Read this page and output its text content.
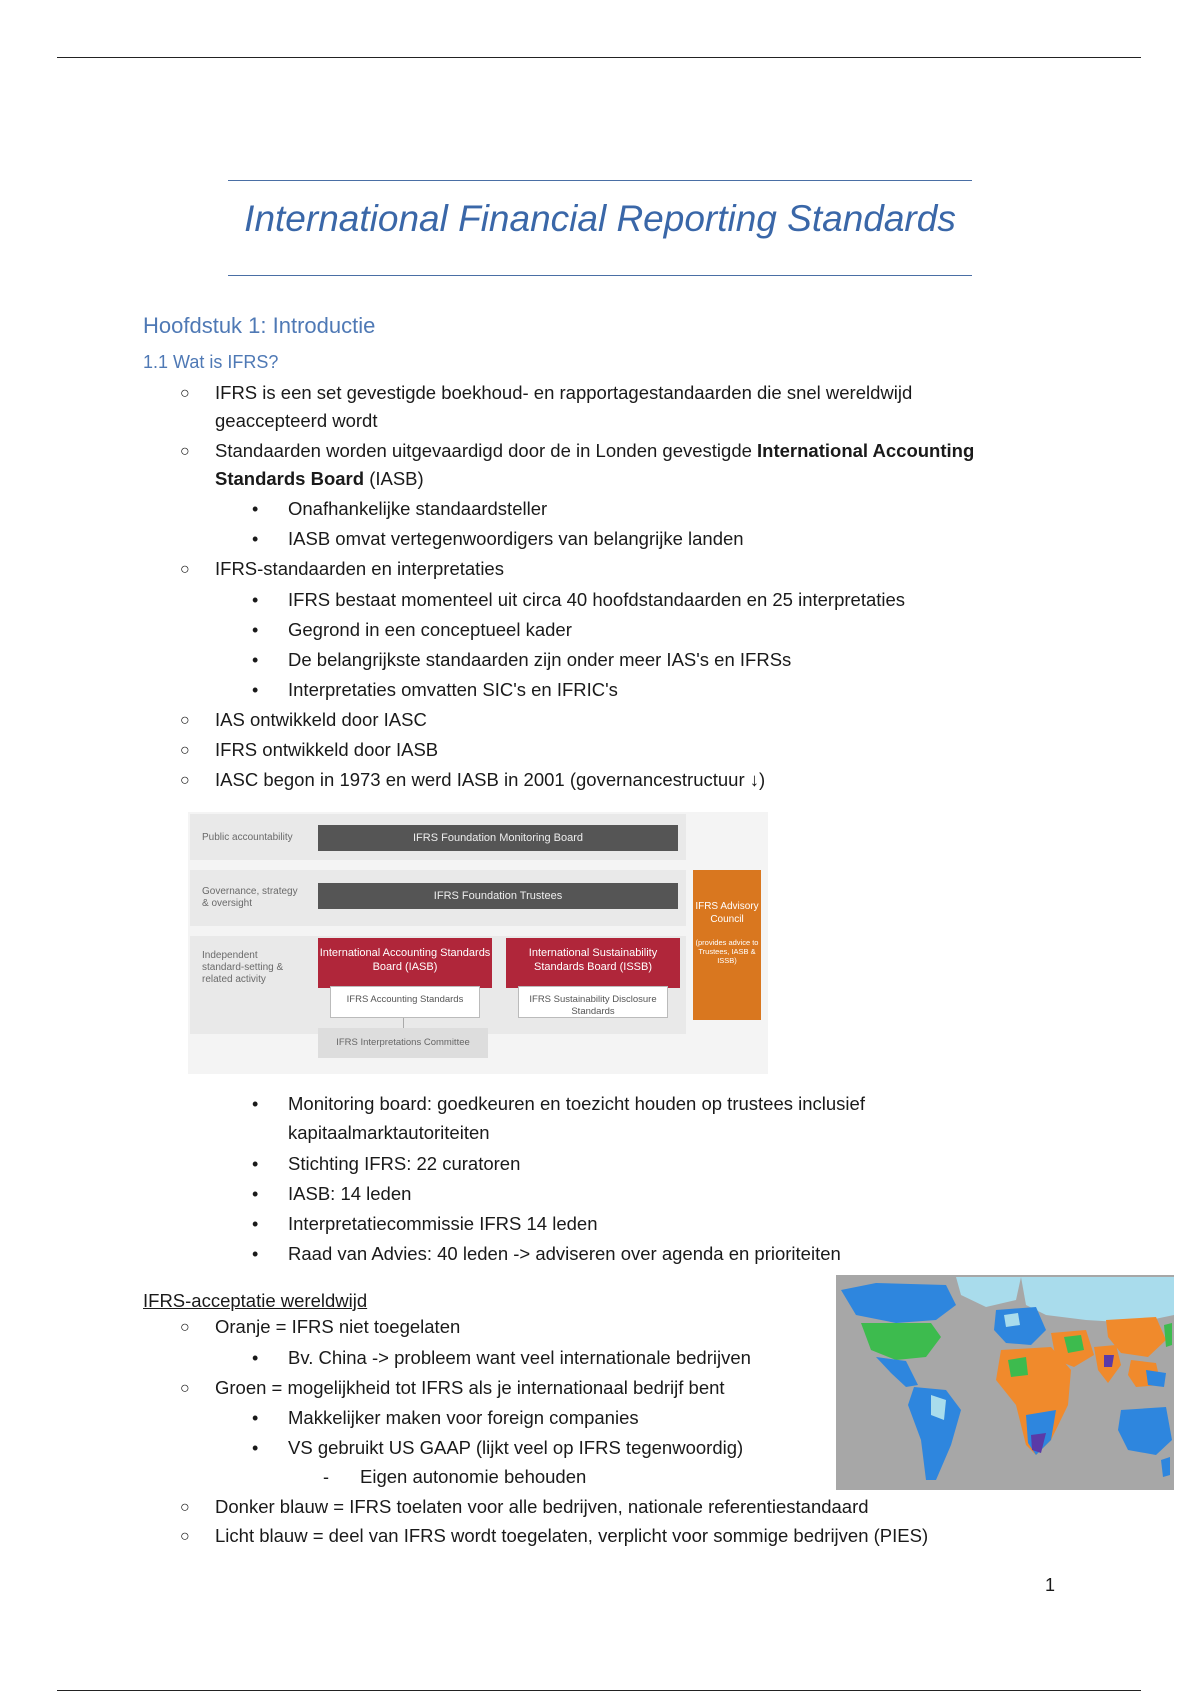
International Financial Reporting Standards
Hoofdstuk 1: Introductie
1.1 Wat is IFRS?
○ IFRS is een set gevestigde boekhoud- en rapportagestandaarden die snel wereldwijd
geaccepteerd wordt
○ Standaarden worden uitgevaardigd door de in Londen gevestigde International Accounting
Standards Board (IASB)
• Onafhankelijke standaardsteller
• IASB omvat vertegenwoordigers van belangrijke landen
○ IFRS-standaarden en interpretaties
• IFRS bestaat momenteel uit circa 40 hoofdstandaarden en 25 interpretaties
• Gegrond in een conceptueel kader
• De belangrijkste standaarden zijn onder meer IAS's en IFRSs
• Interpretaties omvatten SIC's en IFRIC's
○ IAS ontwikkeld door IASC
○ IFRS ontwikkeld door IASB
○ IASC begon in 1973 en werd IASB in 2001 (governancestructuur ↓)
Public accountability	IFRS Foundation Monitoring Board
Governance, strategy & oversight
IFRS Foundation Trustees
Independent standard-setting & related activity
International Accounting Standards Board (IASB)
International Sustainability Standards Board (ISSB)
IFRS Accounting Standards	IFRS Sustainability Disclosure Standards
IFRS Interpretations Committee
IFRS Advisory Council
(provides advice to Trustees, IASB & ISSB)
• Monitoring board: goedkeuren en toezicht houden op trustees inclusief
kapitaalmarktautoriteiten
• Stichting IFRS: 22 curatoren
• IASB: 14 leden
• Interpretatiecommissie IFRS 14 leden
• Raad van Advies: 40 leden -> adviseren over agenda en prioriteiten
IFRS-acceptatie wereldwijd
○ Oranje = IFRS niet toegelaten
• Bv. China -> probleem want veel internationale bedrijven
○ Groen = mogelijkheid tot IFRS als je internationaal bedrijf bent
• Makkelijker maken voor foreign companies
• VS gebruikt US GAAP (lijkt veel op IFRS tegenwoordig)
- Eigen autonomie behouden
○ Donker blauw = IFRS toelaten voor alle bedrijven, nationale referentiestandaard
○ Licht blauw = deel van IFRS wordt toegelaten, verplicht voor sommige bedrijven (PIES)
1
